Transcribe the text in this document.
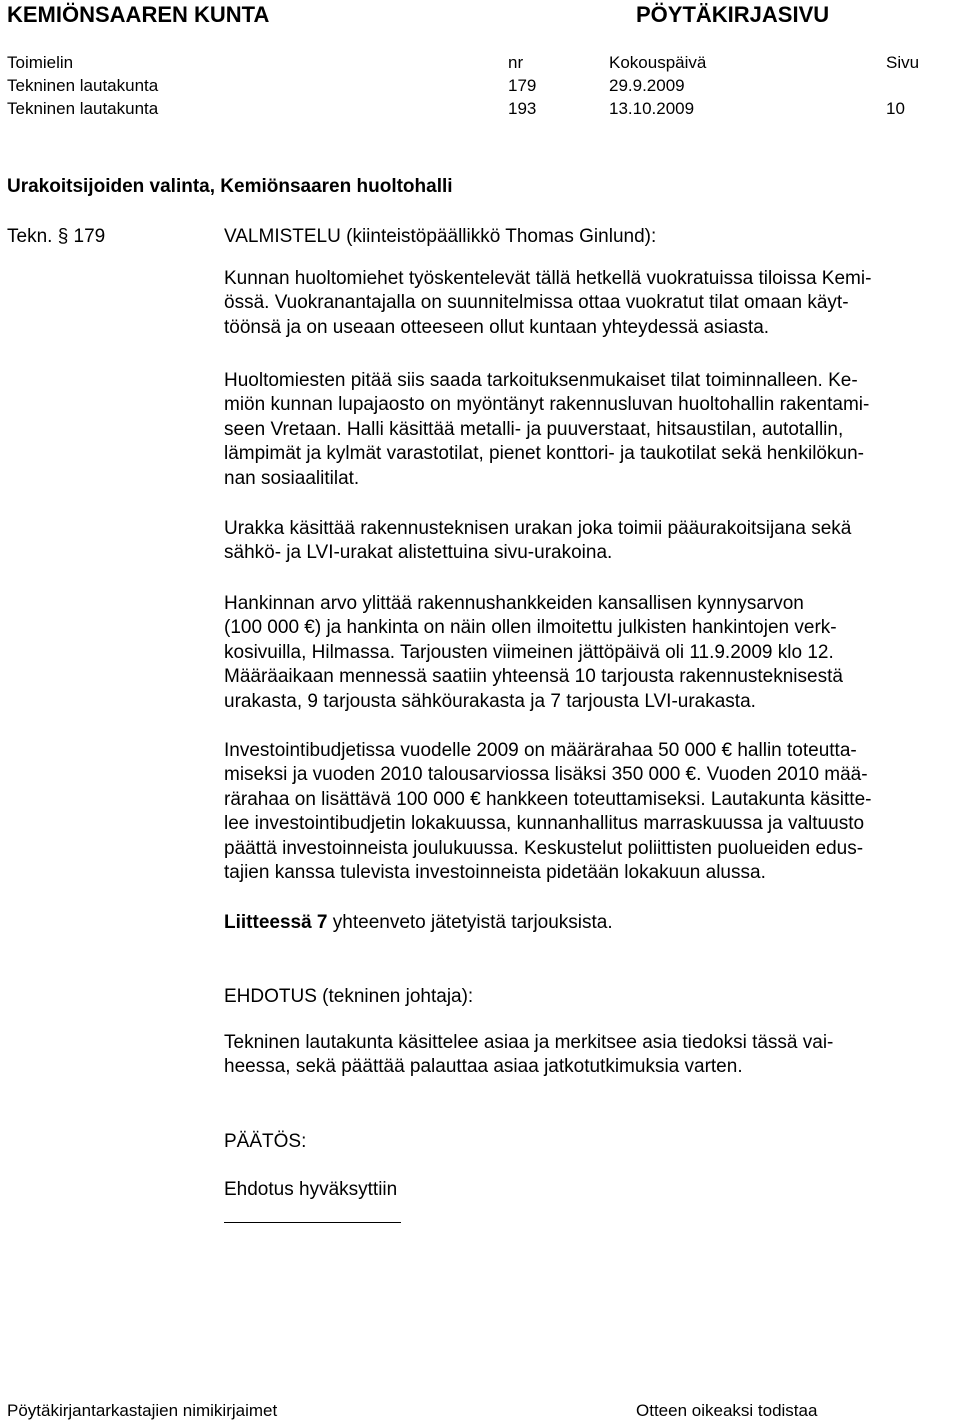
KEMIÖNSAAREN KUNTA	PÖYTÄKIRJASIVU
Toimielin	nr	Kokouspäivä	Sivu
Tekninen lautakunta	179	29.9.2009
Tekninen lautakunta	193	13.10.2009	10
Urakoitsijoiden valinta, Kemiönsaaren huoltohalli
Tekn. § 179	VALMISTELU (kiinteistöpäällikkö Thomas Ginlund):

Kunnan huoltomiehet työskentelevät tällä hetkellä vuokratuissa tiloissa Kemi-

össä. Vuokranantajalla on suunnitelmissa ottaa vuokratut tilat omaan käyt-

töönsä ja on useaan otteeseen ollut kuntaan yhteydessä asiasta.

Huoltomiesten pitää siis saada tarkoituksenmukaiset tilat toiminnalleen. Ke-

miön kunnan lupajaosto on myöntänyt rakennusluvan huoltohallin rakentami-

seen Vretaan. Halli käsittää metalli- ja puuverstaat, hitsaustilan, autotallin,

lämpimät ja kylmät varastotilat, pienet konttori- ja taukotilat sekä henkilökun-

nan sosiaalitilat.

Urakka käsittää rakennusteknisen urakan joka toimii pääurakoitsijana sekä

sähkö- ja LVI-urakat alistettuina sivu-urakoina.

Hankinnan arvo ylittää rakennushankkeiden kansallisen kynnysarvon

(100 000 €) ja hankinta on näin ollen ilmoitettu julkisten hankintojen verk-

kosivuilla, Hilmassa. Tarjousten viimeinen jättöpäivä oli 11.9.2009 klo 12.

Määräaikaan mennessä saatiin yhteensä 10 tarjousta rakennusteknisestä

urakasta, 9 tarjousta sähköurakasta ja 7 tarjousta LVI-urakasta.

Investointibudjetissa vuodelle 2009 on määrärahaa 50 000 € hallin toteutta-

miseksi ja vuoden 2010 talousarviossa lisäksi 350 000 €. Vuoden 2010 mää-

rärahaa on lisättävä 100 000 € hankkeen toteuttamiseksi. Lautakunta käsitte-

lee investointibudjetin lokakuussa, kunnanhallitus marraskuussa ja valtuusto

päättä investoinneista joulukuussa. Keskustelut poliittisten puolueiden edus-

tajien kanssa tulevista investoinneista pidetään lokakuun alussa.

Liitteessä 7 yhteenveto jätetyistä tarjouksista.

EHDOTUS (tekninen johtaja):

Tekninen lautakunta käsittelee asiaa ja merkitsee asia tiedoksi tässä vai-

heessa, sekä päättää palauttaa asiaa jatkotutkimuksia varten.

PÄÄTÖS:

Ehdotus hyväksyttiin

Pöytäkirjantarkastajien nimikirjaimet	Otteen oikeaksi todistaa
